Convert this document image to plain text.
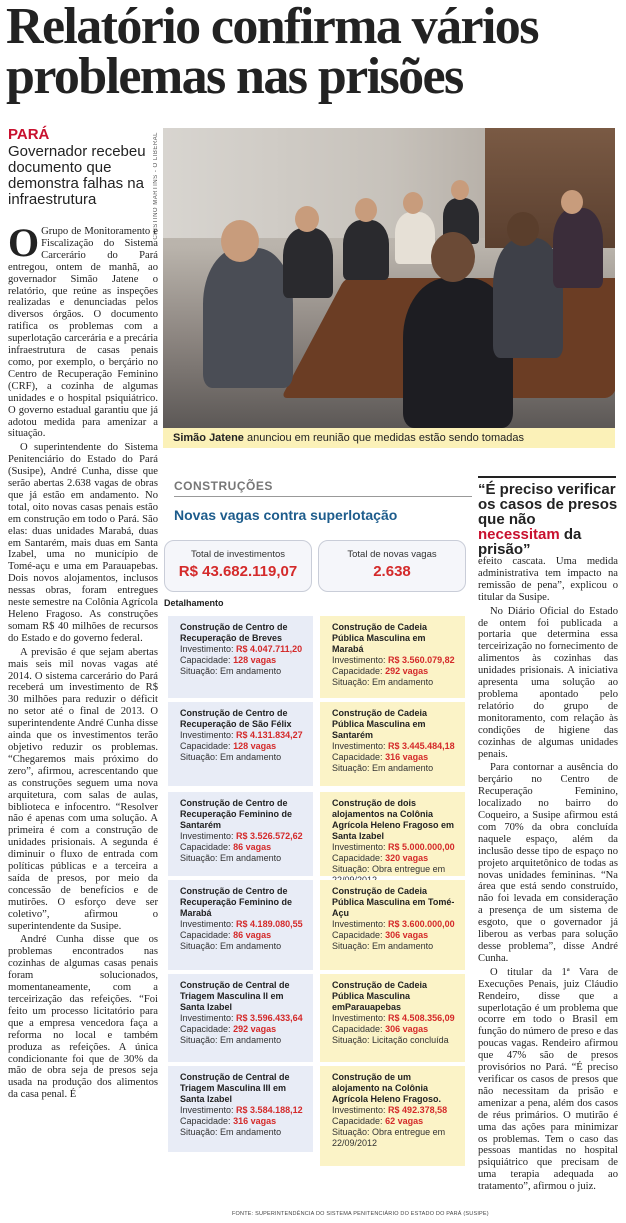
Relatório confirma vários
problemas nas prisões
PARÁ
Governador recebeu documento que demonstra falhas na infraestrutura	CRISTINO MARTINS - O LIBERAL
Simão Jatene anunciou em reunião que medidas estão sendo tomadas

O Grupo de Monitoramento e Fiscalização do Sistema Carcerário do Pará entregou, ontem de manhã, ao governador Simão Jatene o relatório, que reúne as inspeções realizadas e denunciadas pelos diversos órgãos. O documento ratifica os problemas com a superlotação carcerária e a precária infraestrutura de casas penais como, por exemplo, o berçário no Centro de Recuperação Feminino (CRF), a cozinha de algumas unidades e o hospital psiquiátrico. O governo estadual garantiu que já adotou medida para amenizar a situação.

O superintendente do Sistema Penitenciário do Estado do Pará (Susipe), André Cunha, disse que serão abertas 2.638 vagas de obras que já estão em andamento. No total, oito novas casas penais estão em construção em todo o Pará. São elas: duas unidades Marabá, duas em Santarém, mais duas em Santa Izabel, uma no município de Tomé-açu e uma em Parauapebas. Dois novos alojamentos, inclusos nessas obras, foram entregues neste semestre na Colônia Agrícola Heleno Fragoso. As construções somam R$ 40 milhões de recursos do Estado e do governo federal.

A previsão é que sejam abertas mais seis mil novas vagas até 2014. O sistema carcerário do Pará receberá um investimento de R$ 30 milhões para reduzir o déficit no setor até o final de 2013. O superintendente André Cunha disse ainda que os investimentos terão objetivo reduzir os problemas. “Chegaremos mais próximo do zero”, afirmou, acrescentando que as construções seguem uma nova arquitetura, com salas de aulas, biblioteca e infocentro. “Resolver não é apenas com uma solução. A primeira é com a construção de unidades prisionais. A segunda é diminuir o fluxo de entrada com políticas públicas e a terceira a saída de presos, por meio da concessão de benefícios e de mutirões. O esforço deve ser coletivo”, afirmou o superintendente da Susipe.

André Cunha disse que os problemas encontrados nas cozinhas de algumas casas penais foram solucionados, momentaneamente, com a terceirização das refeições. “Foi feito um processo licitatório para que a empresa vencedora faça a reforma no local e também produza as refeições. A única condicionante foi que de 30% da mão de obra seja de presos seja usada na produção dos alimentos da casa penal. É

CONSTRUÇÕES
Novas vagas contra superlotação
Total de investimentos
R$ 43.682.119,07
Total de novas vagas
2.638
Detalhamento
Construção de Centro de Recuperação de Breves
Investimento: R$ 4.047.711,20
Capacidade: 128 vagas
Situação: Em andamento
Construção de Centro de Recuperação de São Félix
Investimento: R$ 4.131.834,27
Capacidade: 128 vagas
Situação: Em andamento
Construção de Centro de Recuperação Feminino de Santarém
Investimento: R$ 3.526.572,62
Capacidade: 86 vagas
Situação: Em andamento
Construção de Centro de Recuperação Feminino de Marabá
Investimento: R$ 4.189.080,55
Capacidade: 86 vagas
Situação: Em andamento
Construção de Central de Triagem Masculina II em Santa Izabel
Investimento: R$ 3.596.433,64
Capacidade: 292 vagas
Situação: Em andamento
Construção de Central de Triagem Masculina III em Santa Izabel
Investimento: R$ 3.584.188,12
Capacidade: 316 vagas
Situação: Em andamento
Construção de Cadeia Pública Masculina em Marabá
Investimento: R$ 3.560.079,82
Capacidade: 292 vagas
Situação: Em andamento
Construção de Cadeia Pública Masculina em Santarém
Investimento: R$ 3.445.484,18
Capacidade: 316 vagas
Situação: Em andamento
Construção de dois alojamentos na Colônia Agrícola Heleno Fragoso em Santa Izabel
Investimento: R$ 5.000.000,00
Capacidade: 320 vagas
Situação: Obra entregue em
Construção de Cadeia Pública Masculina em Tomé-Açu
Investimento: R$ 3.600.000,00
Capacidade: 306 vagas
Situação: Em andamento
Construção de Cadeia Pública Masculina emParauapebas
Investimento: R$ 4.508.356,09
Capacidade: 306 vagas
Situação: Licitação concluída
Construção de um alojamento na Colônia Agrícola Heleno Fragoso.
Investimento: R$ 492.378,58
Capacidade: 62 vagas
Situação: Obra entregue em 22/09/2012
FONTE: SUPERINTENDÊNCIA DO SISTEMA PENITENCIÁRIO DO ESTADO DO PARÁ (SUSIPE)
“É preciso verificar os casos de presos que não necessitam da prisão”

efeito cascata. Uma medida administrativa tem impacto na remissão de pena”, explicou o titular da Susipe.

No Diário Oficial do Estado de ontem foi publicada a portaria que determina essa terceirização no fornecimento de alimentos às cozinhas das unidades prisionais. A iniciativa apresenta uma solução ao problema apontado pelo relatório do grupo de monitoramento, com relação às condições de higiene das cozinhas de algumas unidades penais.

Para contornar a ausência do berçário no Centro de Recuperação Feminino, localizado no bairro do Coqueiro, a Susipe afirmou está com 70% da obra concluída naquele espaço, além da inclusão desse tipo de espaço no projeto arquitetônico de todas as novas unidades femininas. “Na área que está sendo construído, não foi levada em consideração a presença de um sistema de esgoto, que o governador já liberou as verbas para solução desse problema”, disse André Cunha.

O titular da 1ª Vara de Execuções Penais, juiz Cláudio Rendeiro, disse que a superlotação é um problema que ocorre em todo o Brasil em função do número de preso e das poucas vagas. Rendeiro afirmou que 47% são de presos provisórios no Pará. “É preciso verificar os casos de presos que não necessitam da prisão e amenizar a pena, além dos casos de réus primários. O mutirão é uma das ações para minimizar os problemas. Tem o caso das pessoas mantidas no hospital psiquiátrico que precisam de uma terapia adequada ao tratamento”, afirmou o juiz.
